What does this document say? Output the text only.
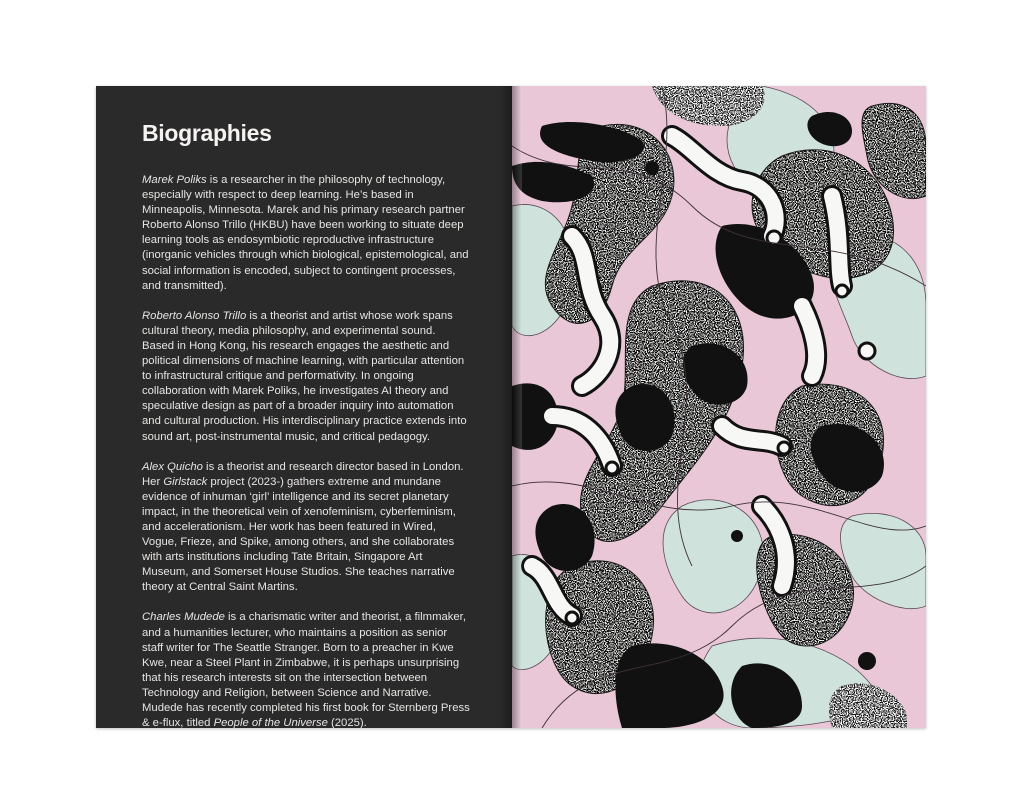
Biographies

Marek Poliks is a researcher in the philosophy of technology, especially with respect to deep learning. He’s based in Minneapolis, Minnesota. Marek and his primary research partner Roberto Alonso Trillo (HKBU) have been working to situate deep learning tools as endosymbiotic reproductive infrastructure (inorganic vehicles through which biological, epistemological, and social information is encoded, subject to contingent processes, and transmitted).

Roberto Alonso Trillo is a theorist and artist whose work spans cultural theory, media philosophy, and experimental sound. Based in Hong Kong, his research engages the aesthetic and political dimensions of machine learning, with particular attention to infrastructural critique and performativity. In ongoing collaboration with Marek Poliks, he investigates AI theory and speculative design as part of a broader inquiry into automation and cultural production. His interdisciplinary practice extends into sound art, post-instrumental music, and critical pedagogy.

Alex Quicho is a theorist and research director based in London. Her Girlstack project (2023-) gathers extreme and mundane evidence of inhuman ‘girl’ intelligence and its secret planetary impact, in the theoretical vein of xenofeminism, cyberfeminism, and accelerationism. Her work has been featured in Wired, Vogue, Frieze, and Spike, among others, and she collaborates with arts institutions including Tate Britain, Singapore Art Museum, and Somerset House Studios. She teaches narrative theory at Central Saint Martins.

Charles Mudede is a charismatic writer and theorist, a filmmaker, and a humanities lecturer, who maintains a position as senior staff writer for The Seattle Stranger. Born to a preacher in Kwe Kwe, near a Steel Plant in Zimbabwe, it is perhaps unsurprising that his research interests sit on the intersection between Technology and Religion, between Science and Narrative. Mudede has recently completed his first book for Sternberg Press & e-flux, titled People of the Universe (2025).
